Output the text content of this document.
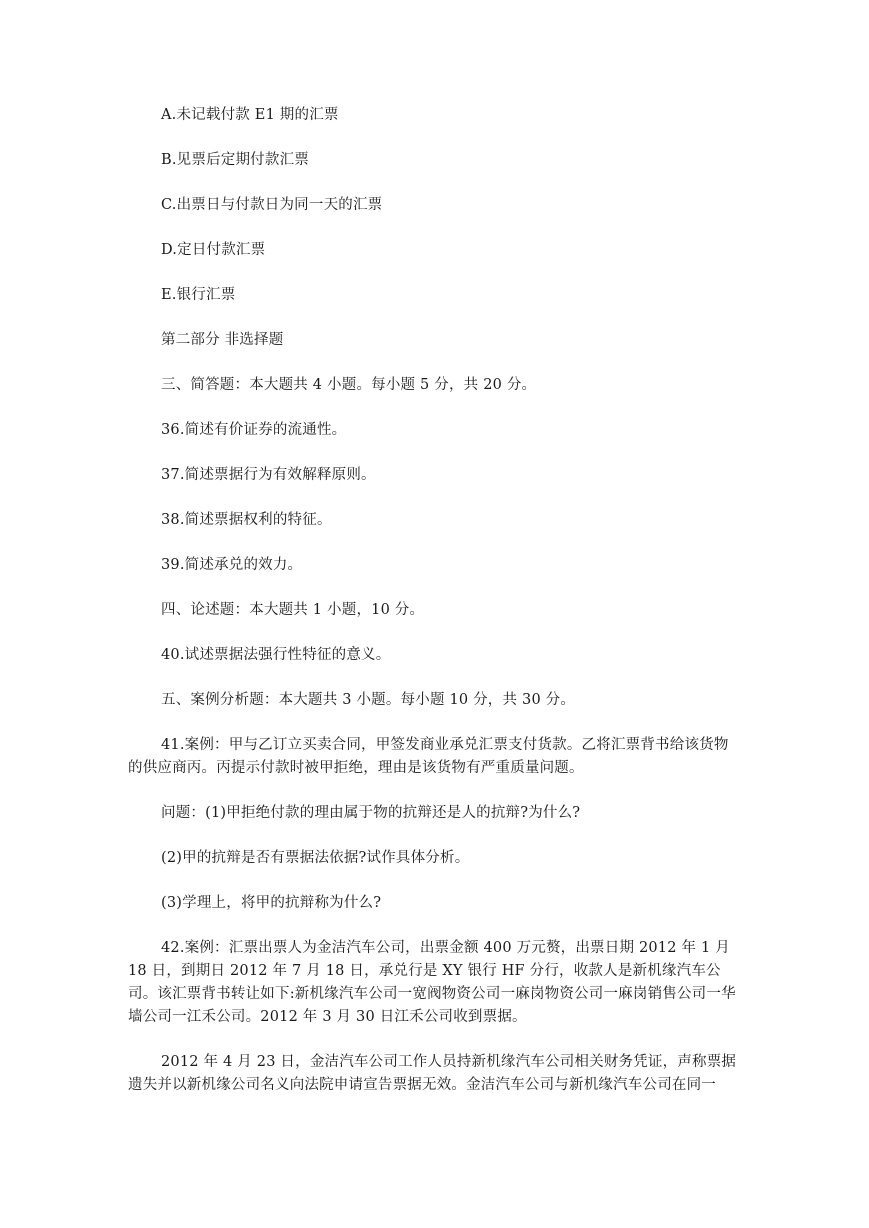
A.未记载付款 E1 期的汇票

B.见票后定期付款汇票

C.出票日与付款日为同一天的汇票

D.定日付款汇票

E.银行汇票

第二部分 非选择题

三、简答题：本大题共 4 小题。每小题 5 分，共 20 分。

36.简述有价证券的流通性。

37.简述票据行为有效解释原则。

38.简述票据权利的特征。

39.简述承兑的效力。

四、论述题：本大题共 1 小题，10 分。

40.试述票据法强行性特征的意义。

五、案例分析题：本大题共 3 小题。每小题 10 分，共 30 分。

41.案例：甲与乙订立买卖合同，甲签发商业承兑汇票支付货款。乙将汇票背书给该货物的供应商丙。丙提示付款时被甲拒绝，理由是该货物有严重质量问题。

问题：(1)甲拒绝付款的理由属于物的抗辩还是人的抗辩?为什么?

(2)甲的抗辩是否有票据法依据?试作具体分析。

(3)学理上，将甲的抗辩称为什么?

42.案例：汇票出票人为金洁汽车公司，出票金额 400 万元赘，出票日期 2012 年 1 月 18 日，到期日 2012 年 7 月 18 日，承兑行是 XY 银行 HF 分行，收款人是新机缘汽车公司。该汇票背书转让如下:新机缘汽车公司一宽阀物资公司一麻岗物资公司一麻岗销售公司一华墙公司一江禾公司。2012 年 3 月 30 日江禾公司收到票据。

2012 年 4 月 23 日，金洁汽车公司工作人员持新机缘汽车公司相关财务凭证，声称票据遗失并以新机缘公司名义向法院申请宣告票据无效。金洁汽车公司与新机缘汽车公司在同一
